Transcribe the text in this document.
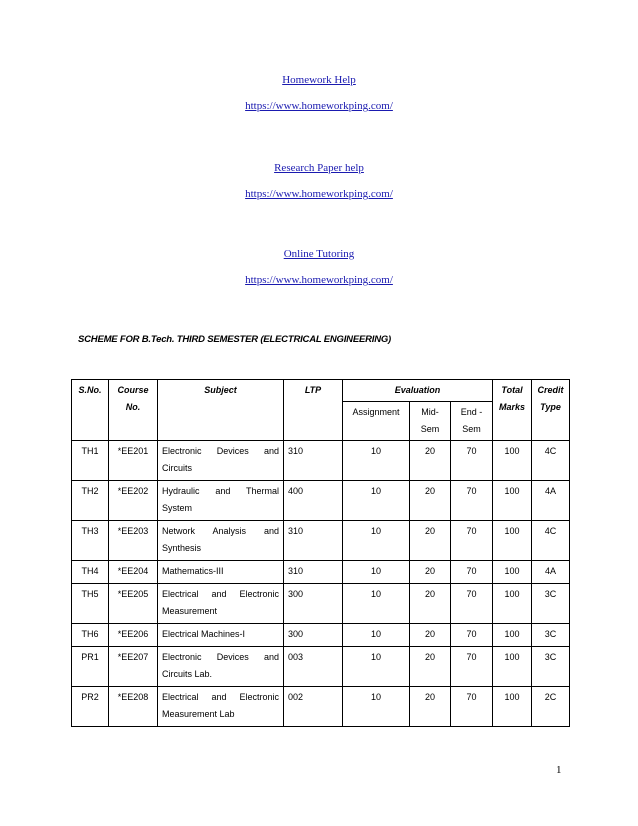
Homework Help
https://www.homeworkping.com/
Research Paper help
https://www.homeworkping.com/
Online Tutoring
https://www.homeworkping.com/
SCHEME FOR B.Tech. THIRD SEMESTER (ELECTRICAL ENGINEERING)
S.No.	Course No.	Subject	LTP	Evaluation			Total Marks	Credit Type
				Assignment	Mid-Sem	End -Sem		
TH1	*EE201	Electronic Devices and Circuits	310	10	20	70	100	4C
TH2	*EE202	Hydraulic and Thermal System	400	10	20	70	100	4A
TH3	*EE203	Network Analysis and Synthesis	310	10	20	70	100	4C
TH4	*EE204	Mathematics-III	310	10	20	70	100	4A
TH5	*EE205	Electrical and Electronic Measurement	300	10	20	70	100	3C
TH6	*EE206	Electrical Machines-I	300	10	20	70	100	3C
PR1	*EE207	Electronic Devices and Circuits Lab.	003	10	20	70	100	3C
PR2	*EE208	Electrical and Electronic Measurement Lab	002	10	20	70	100	2C
1
